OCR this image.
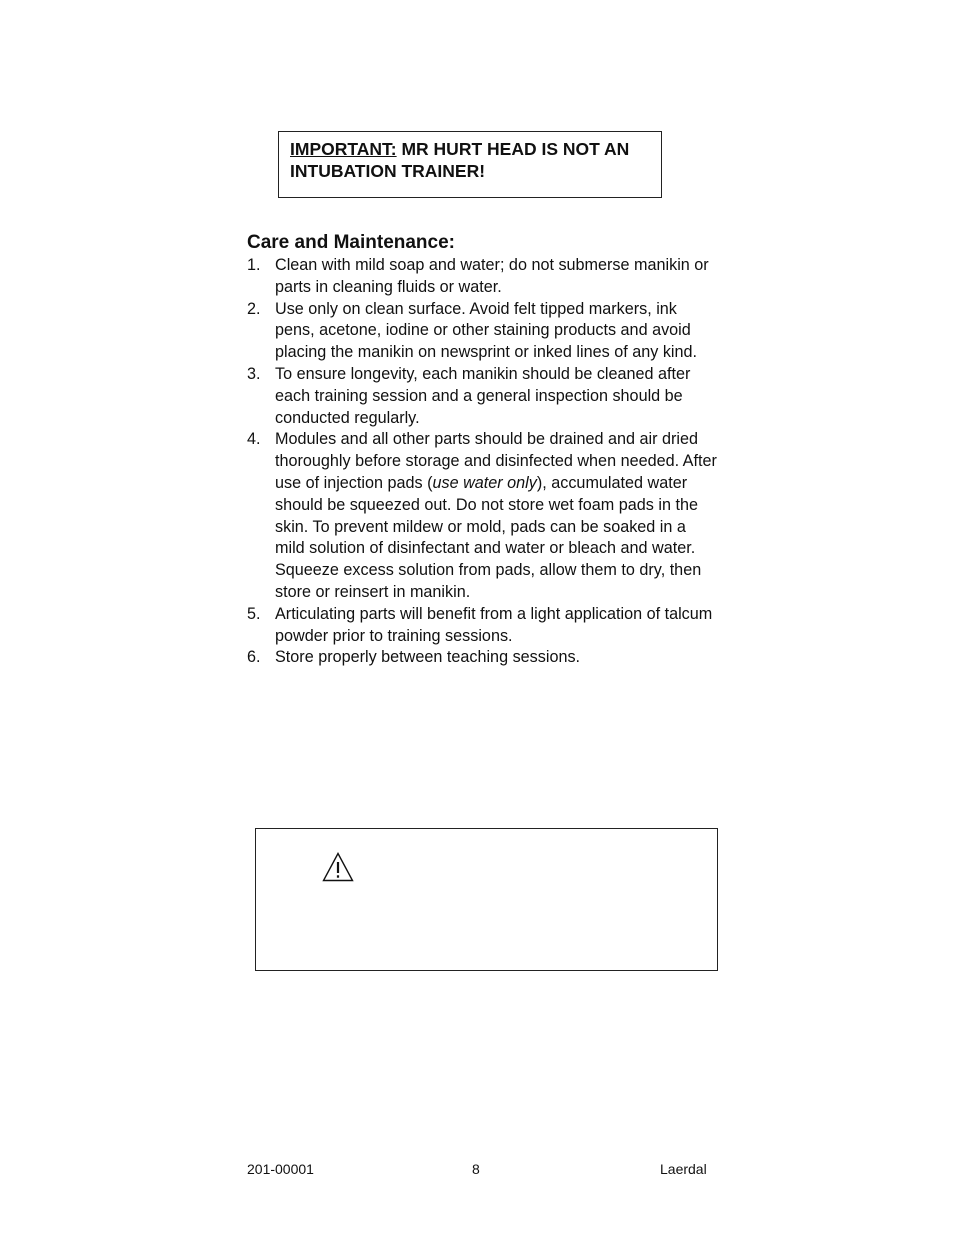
IMPORTANT: MR HURT HEAD IS NOT AN INTUBATION TRAINER!
Care and Maintenance:
1. Clean with mild soap and water; do not submerse manikin or parts in cleaning fluids or water.
2. Use only on clean surface. Avoid felt tipped markers, ink pens, acetone, iodine or other staining products and avoid placing the manikin on newsprint or inked lines of any kind.
3. To ensure longevity, each manikin should be cleaned after each training session and a general inspection should be conducted regularly.
4. Modules and all other parts should be drained and air dried thoroughly before storage and disinfected when needed. After use of injection pads (use water only), accumulated water should be squeezed out. Do not store wet foam pads in the skin. To prevent mildew or mold, pads can be soaked in a mild solution of disinfectant and water or bleach and water. Squeeze excess solution from pads, allow them to dry, then store or reinsert in manikin.
5. Articulating parts will benefit from a light application of talcum powder prior to training sessions.
6. Store properly between teaching sessions.
201-00001	8	Laerdal
